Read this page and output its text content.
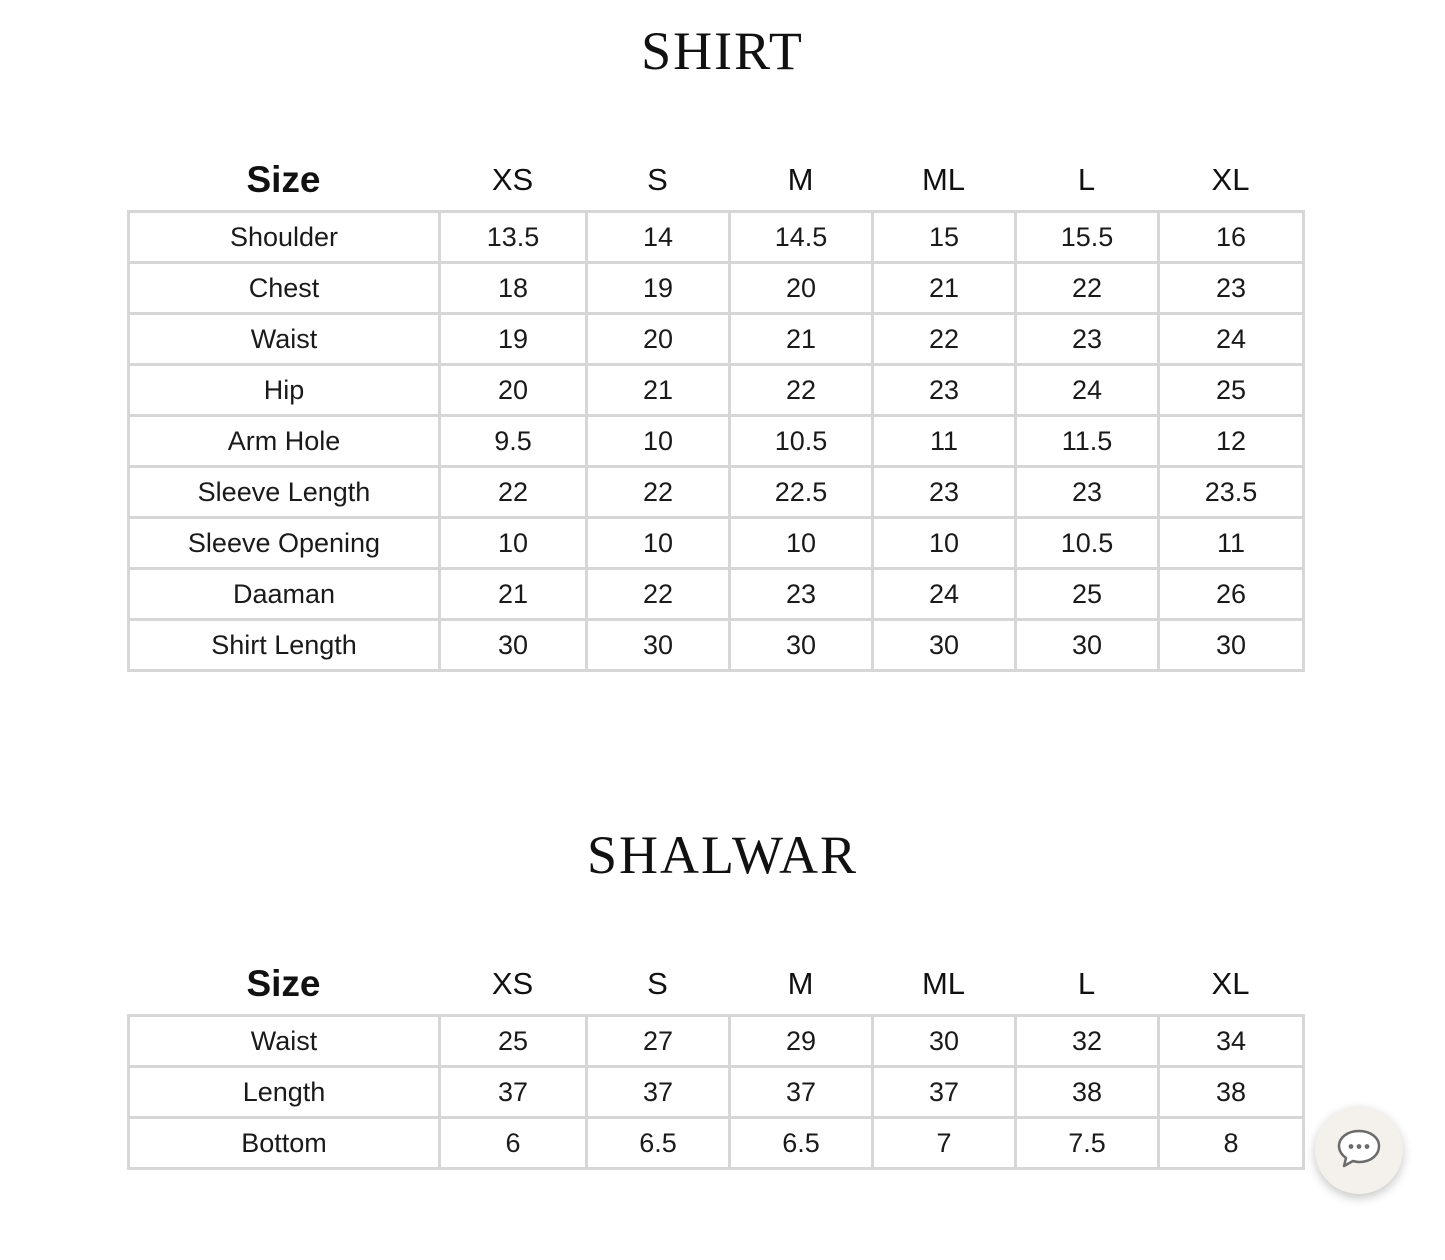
SHIRT
Size	XS	S	M	ML	L	XL
Shoulder	13.5	14	14.5	15	15.5	16
Chest	18	19	20	21	22	23
Waist	19	20	21	22	23	24
Hip	20	21	22	23	24	25
Arm Hole	9.5	10	10.5	11	11.5	12
Sleeve Length	22	22	22.5	23	23	23.5
Sleeve Opening	10	10	10	10	10.5	11
Daaman	21	22	23	24	25	26
Shirt Length	30	30	30	30	30	30
SHALWAR
Size	XS	S	M	ML	L	XL
Waist	25	27	29	30	32	34
Length	37	37	37	37	38	38
Bottom	6	6.5	6.5	7	7.5	8
